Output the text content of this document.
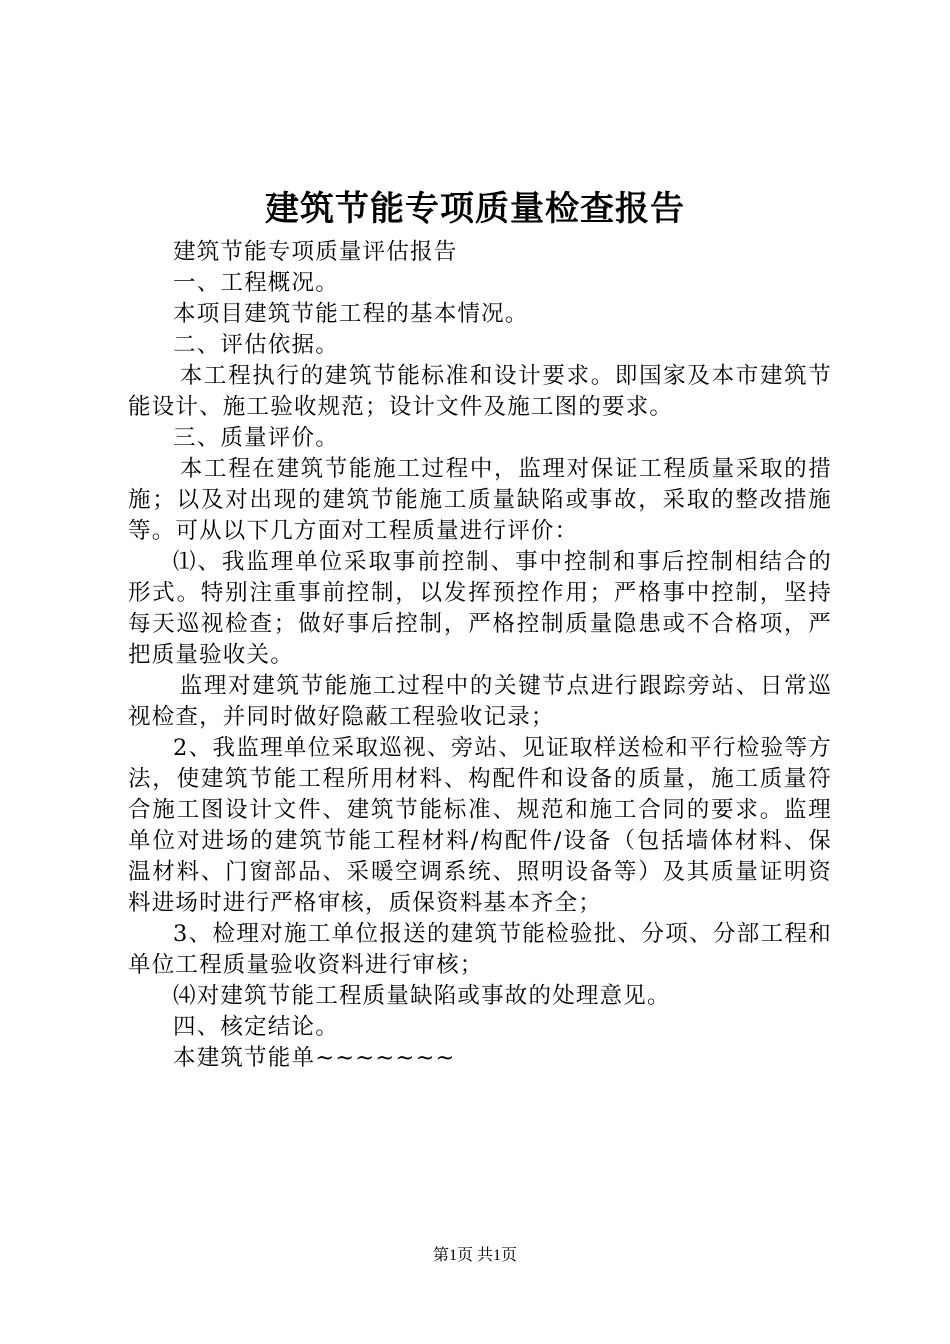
建筑节能专项质量检查报告

建筑节能专项质量评估报告

一、工程概况。

本项目建筑节能工程的基本情况。

二、评估依据。

本工程执行的建筑节能标准和设计要求。即国家及本市建筑节能设计、施工验收规范；设计文件及施工图的要求。

三、质量评价。

本工程在建筑节能施工过程中，监理对保证工程质量采取的措施；以及对出现的建筑节能施工质量缺陷或事故，采取的整改措施等。可从以下几方面对工程质量进行评价：

⑴、我监理单位采取事前控制、事中控制和事后控制相结合的形式。特别注重事前控制，以发挥预控作用；严格事中控制，坚持每天巡视检查；做好事后控制，严格控制质量隐患或不合格项，严把质量验收关。

监理对建筑节能施工过程中的关键节点进行跟踪旁站、日常巡视检查，并同时做好隐蔽工程验收记录；

2、我监理单位采取巡视、旁站、见证取样送检和平行检验等方法，使建筑节能工程所用材料、构配件和设备的质量，施工质量符合施工图设计文件、建筑节能标准、规范和施工合同的要求。监理单位对进场的建筑节能工程材料/构配件/设备（包括墙体材料、保温材料、门窗部品、采暖空调系统、照明设备等）及其质量证明资料进场时进行严格审核，质保资料基本齐全；

3、检理对施工单位报送的建筑节能检验批、分项、分部工程和单位工程质量验收资料进行审核；

⑷对建筑节能工程质量缺陷或事故的处理意见。

四、核定结论。

本建筑节能单~~~~~~~

第1页 共1页
